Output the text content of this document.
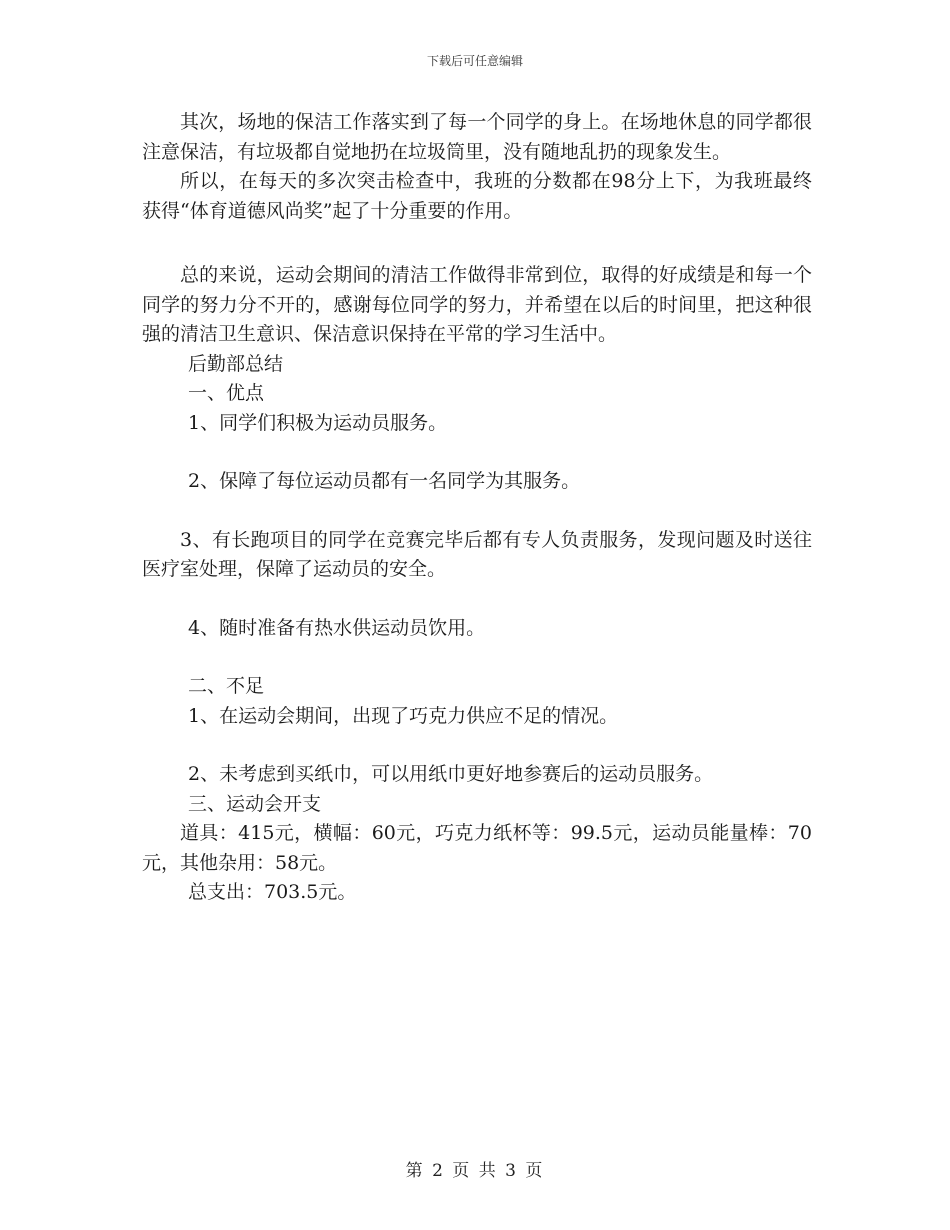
下载后可任意编辑

其次，场地的保洁工作落实到了每一个同学的身上。在场地休息的同学都很注意保洁，有垃圾都自觉地扔在垃圾筒里，没有随地乱扔的现象发生。

所以，在每天的多次突击检查中，我班的分数都在98分上下，为我班最终获得“体育道德风尚奖”起了十分重要的作用。

总的来说，运动会期间的清洁工作做得非常到位，取得的好成绩是和每一个同学的努力分不开的，感谢每位同学的努力，并希望在以后的时间里，把这种很强的清洁卫生意识、保洁意识保持在平常的学习生活中。

后勤部总结

一、优点

1、同学们积极为运动员服务。

2、保障了每位运动员都有一名同学为其服务。

3、有长跑项目的同学在竞赛完毕后都有专人负责服务，发现问题及时送往医疗室处理，保障了运动员的安全。

4、随时准备有热水供运动员饮用。

二、不足

1、在运动会期间，出现了巧克力供应不足的情况。

2、未考虑到买纸巾，可以用纸巾更好地参赛后的运动员服务。

三、运动会开支

道具：415元，横幅：60元，巧克力纸杯等：99.5元，运动员能量棒：70元，其他杂用：58元。

总支出：703.5元。

第 2 页 共 3 页
